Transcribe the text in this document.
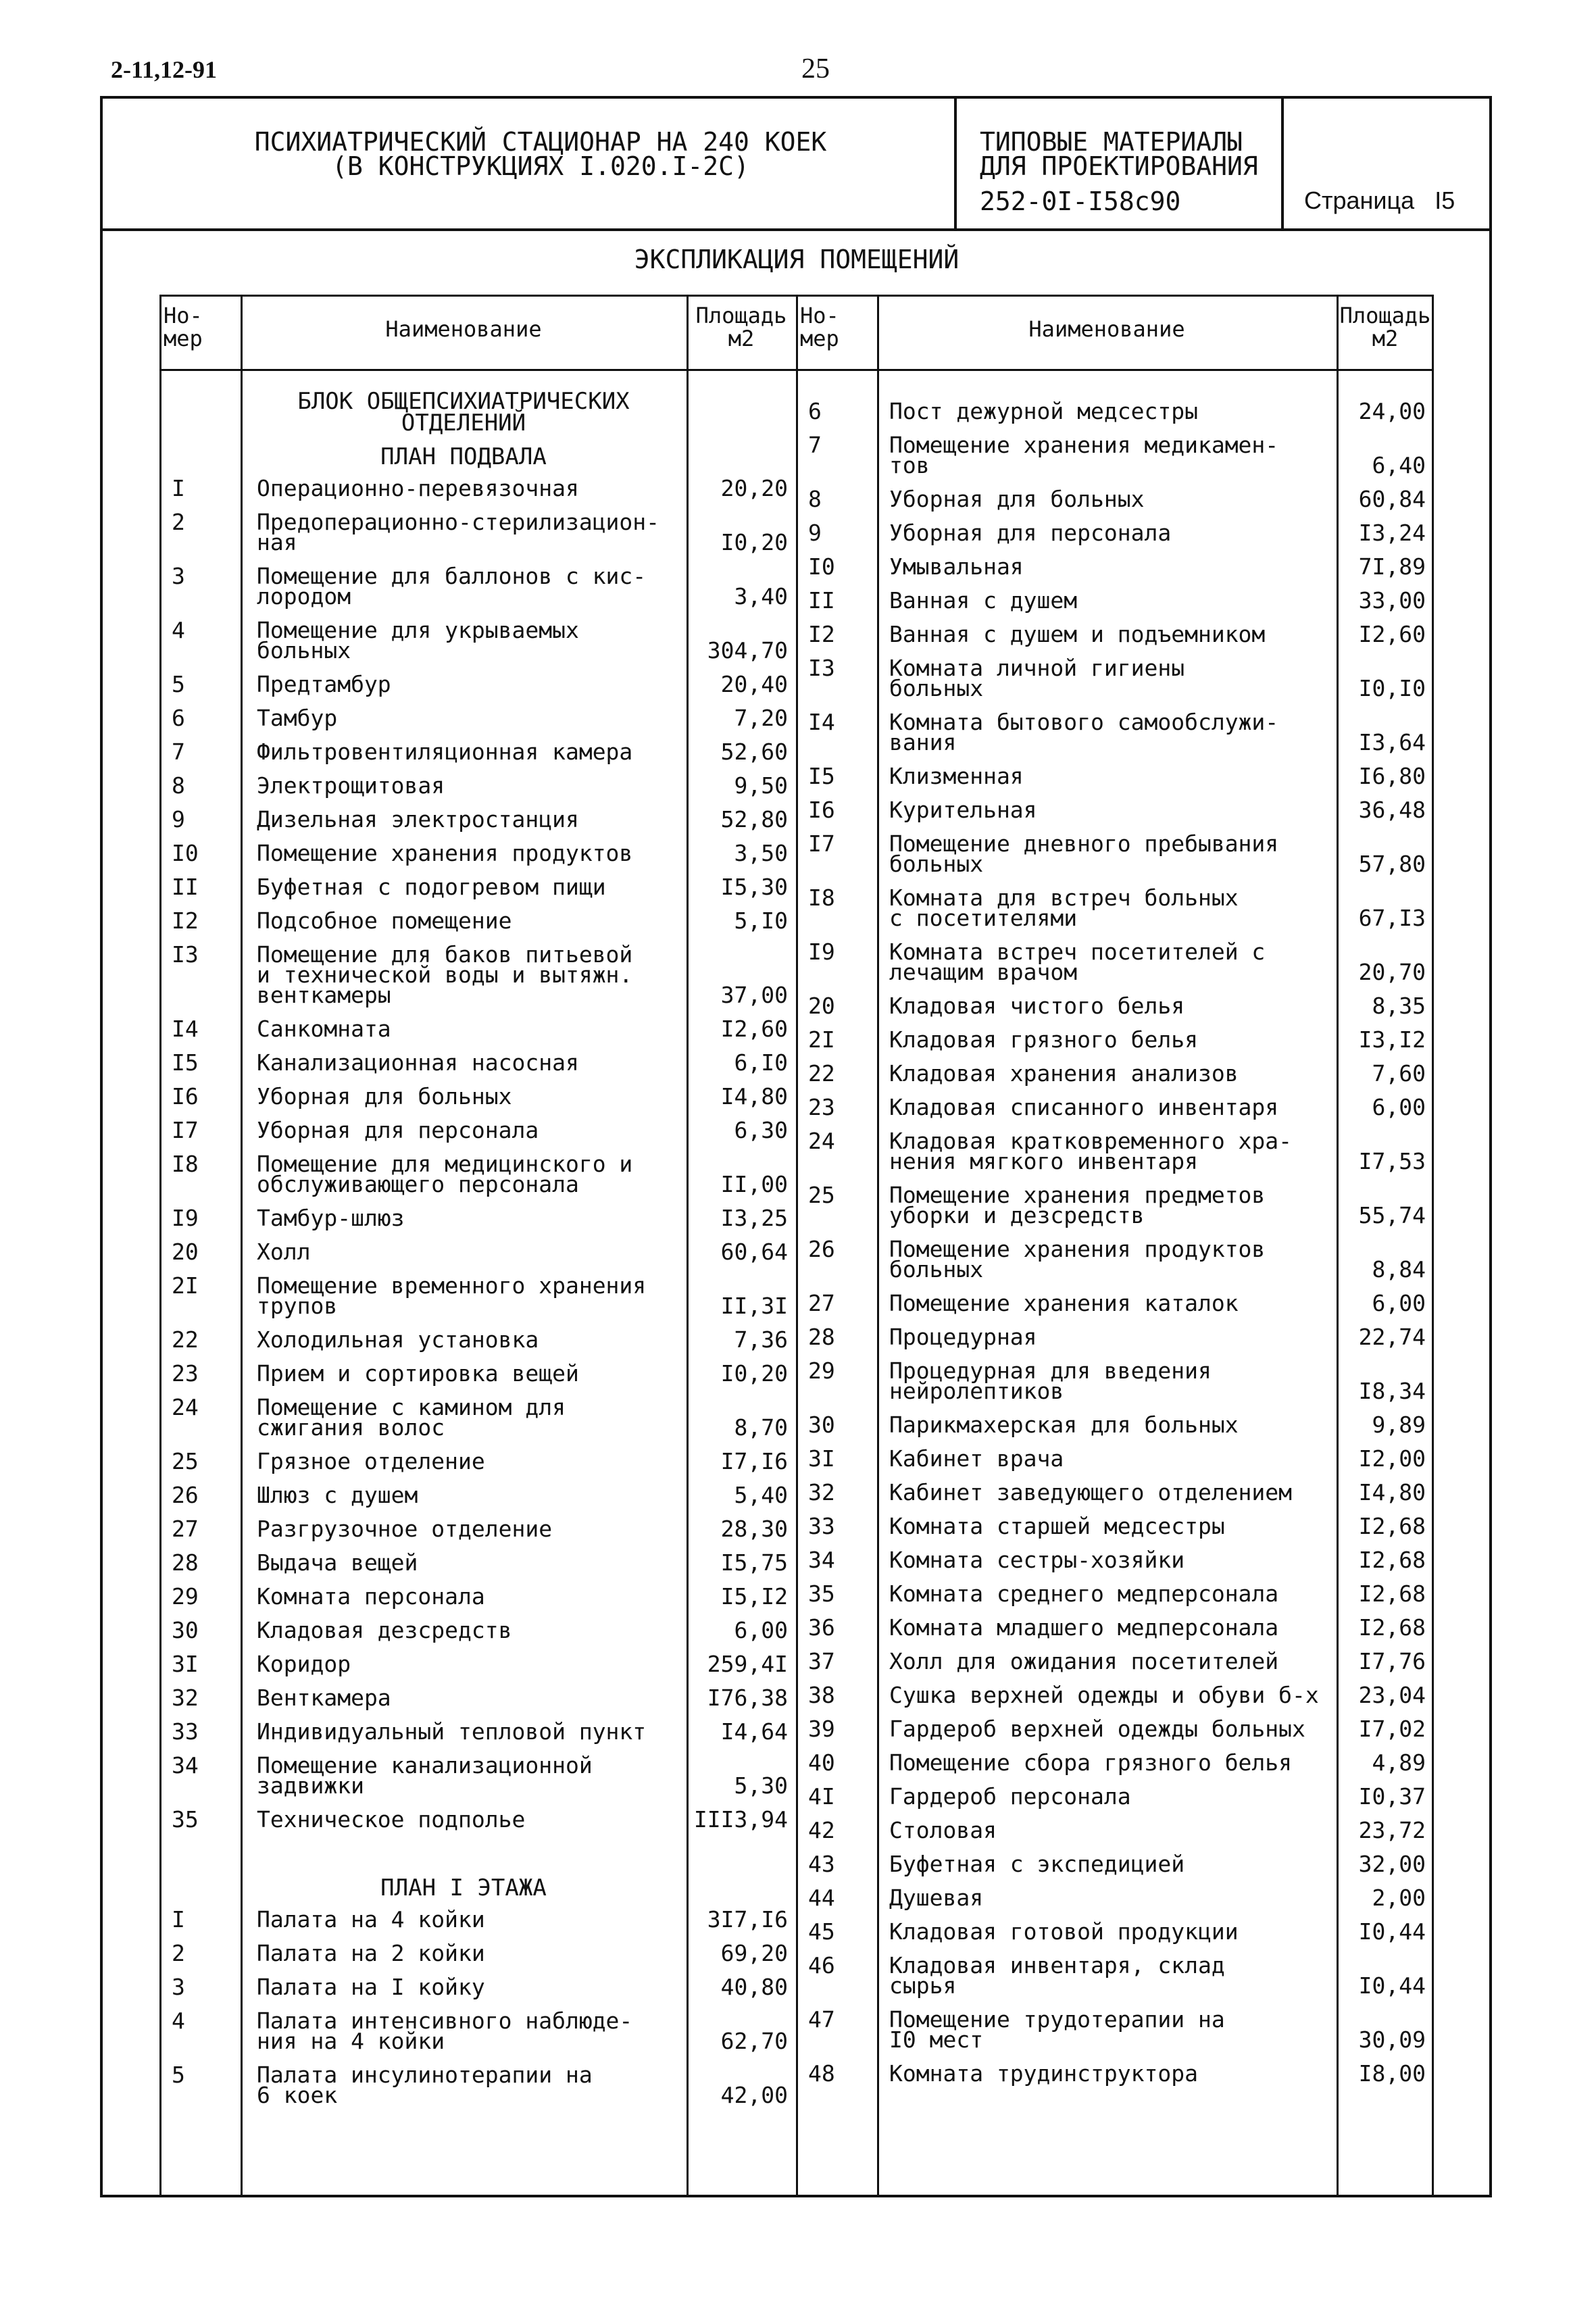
2-11,12-91	25
ПСИХИАТРИЧЕСКИЙ СТАЦИОНАР НА 240 КОЕК
(В КОНСТРУКЦИЯХ I.020.I-2С)
ТИПОВЫЕ МАТЕРИАЛЫ
ДЛЯ ПРОЕКТИРОВАНИЯ
252-0I-I58с90	Страница I5
ЭКСПЛИКАЦИЯ ПОМЕЩЕНИЙ
Но-
мер	Наименование
Площадь
м2
Но-
мер	Наименование
Площадь
м2
БЛОК ОБЩЕПСИХИАТРИЧЕСКИХ
ОТДЕЛЕНИЙ
ПЛАН ПОДВАЛА
ПЛАН I ЭТАЖА
I	Операционно-перевязочная	20,20
2	Предоперационно-стерилизацион-
ная	I0,20
3	Помещение для баллонов с кис-
лородом	3,40
4	Помещение для укрываемых
больных	304,70
5	Предтамбур	20,40
6	Тамбур	7,20
7	Фильтровентиляционная камера	52,60
8	Электрощитовая	9,50
9	Дизельная электростанция	52,80
I0	Помещение хранения продуктов	3,50
II	Буфетная с подогревом пищи	I5,30
I2	Подсобное помещение	5,I0
I3	Помещение для баков питьевой
и технической воды и вытяжн.
венткамеры	37,00
I4	Санкомната	I2,60
I5	Канализационная насосная	6,I0
I6	Уборная для больных	I4,80
I7	Уборная для персонала	6,30
I8	Помещение для медицинского и
обслуживающего персонала	II,00
I9	Тамбур-шлюз	I3,25
20	Холл	60,64
2I	Помещение временного хранения
трупов	II,3I
22	Холодильная установка	7,36
23	Прием и сортировка вещей	I0,20
24	Помещение с камином для
сжигания волос	8,70
25	Грязное отделение	I7,I6
26	Шлюз с душем	5,40
27	Разгрузочное отделение	28,30
28	Выдача вещей	I5,75
29	Комната персонала	I5,I2
30	Кладовая дезсредств	6,00
3I	Коридор	259,4I
32	Венткамера	I76,38
33	Индивидуальный тепловой пункт	I4,64
34	Помещение канализационной
задвижки	5,30
35	Техническое подполье	III3,94
I	Палата на 4 койки	3I7,I6
2	Палата на 2 койки	69,20
3	Палата на I койку	40,80
4	Палата интенсивного наблюде-
ния на 4 койки	62,70
5	Палата инсулинотерапии на
6 коек	42,00
6	Пост дежурной медсестры	24,00
7	Помещение хранения медикамен-
тов	6,40
8	Уборная для больных	60,84
9	Уборная для персонала	I3,24
I0	Умывальная	7I,89
II	Ванная с душем	33,00
I2	Ванная с душем и подъемником	I2,60
I3	Комната личной гигиены
больных	I0,I0
I4	Комната бытового самообслужи-
вания	I3,64
I5	Клизменная	I6,80
I6	Курительная	36,48
I7	Помещение дневного пребывания
больных	57,80
I8	Комната для встреч больных
с посетителями	67,I3
I9	Комната встреч посетителей с
лечащим врачом	20,70
20	Кладовая чистого белья	8,35
2I	Кладовая грязного белья	I3,I2
22	Кладовая хранения анализов	7,60
23	Кладовая списанного инвентаря	6,00
24	Кладовая кратковременного хра-
нения мягкого инвентаря	I7,53
25	Помещение хранения предметов
уборки и дезсредств	55,74
26	Помещение хранения продуктов
больных	8,84
27	Помещение хранения каталок	6,00
28	Процедурная	22,74
29	Процедурная для введения
нейролептиков	I8,34
30	Парикмахерская для больных	9,89
3I	Кабинет врача	I2,00
32	Кабинет заведующего отделением	I4,80
33	Комната старшей медсестры	I2,68
34	Комната сестры-хозяйки	I2,68
35	Комната среднего медперсонала	I2,68
36	Комната младшего медперсонала	I2,68
37	Холл для ожидания посетителей	I7,76
38	Сушка верхней одежды и обуви б-х	23,04
39	Гардероб верхней одежды больных	I7,02
40	Помещение сбора грязного белья	4,89
4I	Гардероб персонала	I0,37
42	Столовая	23,72
43	Буфетная с экспедицией	32,00
44	Душевая	2,00
45	Кладовая готовой продукции	I0,44
46	Кладовая инвентаря, склад
сырья	I0,44
47	Помещение трудотерапии на
I0 мест	30,09
48	Комната трудинструктора	I8,00
